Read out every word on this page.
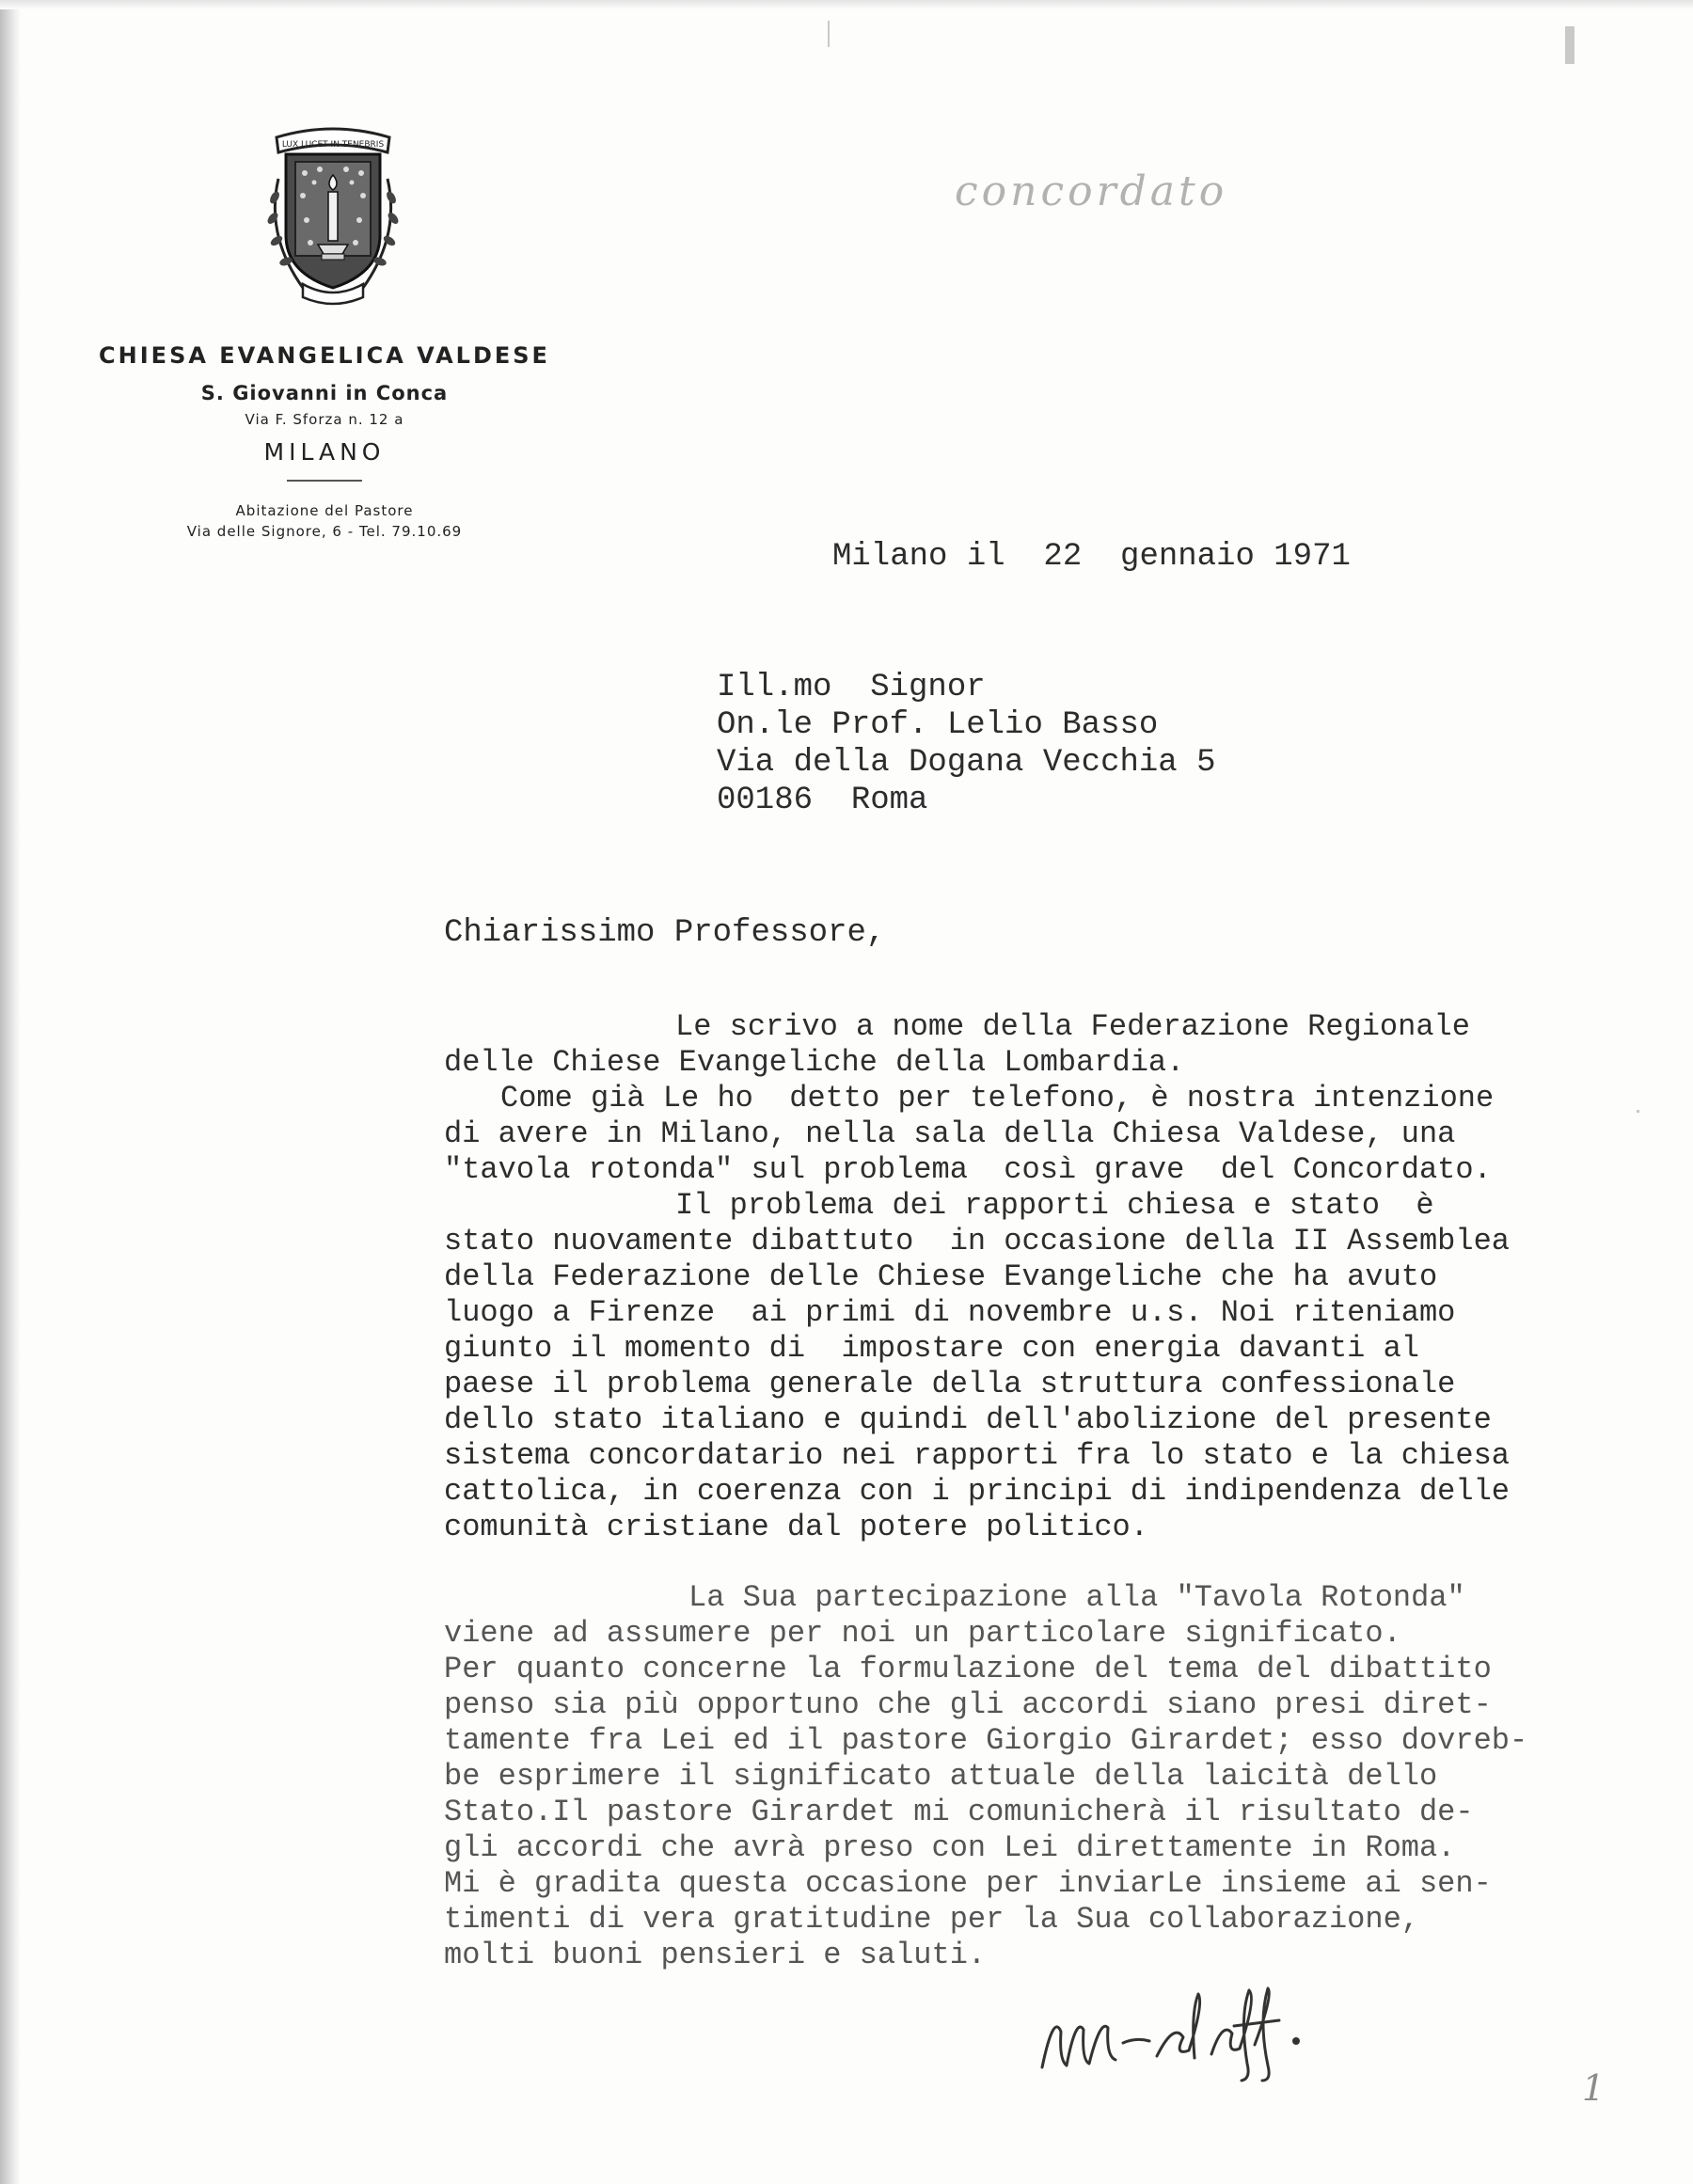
LUX LUCET IN TENEBRIS
CHIESA EVANGELICA VALDESE
S. Giovanni in Conca
Via F. Sforza n. 12 a
MILANO
Abitazione del Pastore
Via delle Signore, 6 - Tel. 79.10.69
concordato
Milano il  22  gennaio 1971
Ill.mo  Signor
On.le Prof. Lelio Basso
Via della Dogana Vecchia 5
00186  Roma
Chiarissimo Professore,
Le scrivo a nome della Federazione Regionale
delle Chiese Evangeliche della Lombardia.
Come già Le ho  detto per telefono, è nostra intenzione
di avere in Milano, nella sala della Chiesa Valdese, una
"tavola rotonda" sul problema  così grave  del Concordato.
Il problema dei rapporti chiesa e stato  è
stato nuovamente dibattuto  in occasione della II Assemblea
della Federazione delle Chiese Evangeliche che ha avuto
luogo a Firenze  ai primi di novembre u.s. Noi riteniamo
giunto il momento di  impostare con energia davanti al
paese il problema generale della struttura confessionale
dello stato italiano e quindi dell'abolizione del presente
sistema concordatario nei rapporti fra lo stato e la chiesa
cattolica, in coerenza con i principi di indipendenza delle
comunità cristiane dal potere politico.
La Sua partecipazione alla "Tavola Rotonda"
viene ad assumere per noi un particolare significato.
Per quanto concerne la formulazione del tema del dibattito
penso sia più opportuno che gli accordi siano presi diret-
tamente fra Lei ed il pastore Giorgio Girardet; esso dovreb-
be esprimere il significato attuale della laicità dello
Stato.Il pastore Girardet mi comunicherà il risultato de-
gli accordi che avrà preso con Lei direttamente in Roma.
Mi è gradita questa occasione per inviarLe insieme ai sen-
timenti di vera gratitudine per la Sua collaborazione,
molti buoni pensieri e saluti.
1
